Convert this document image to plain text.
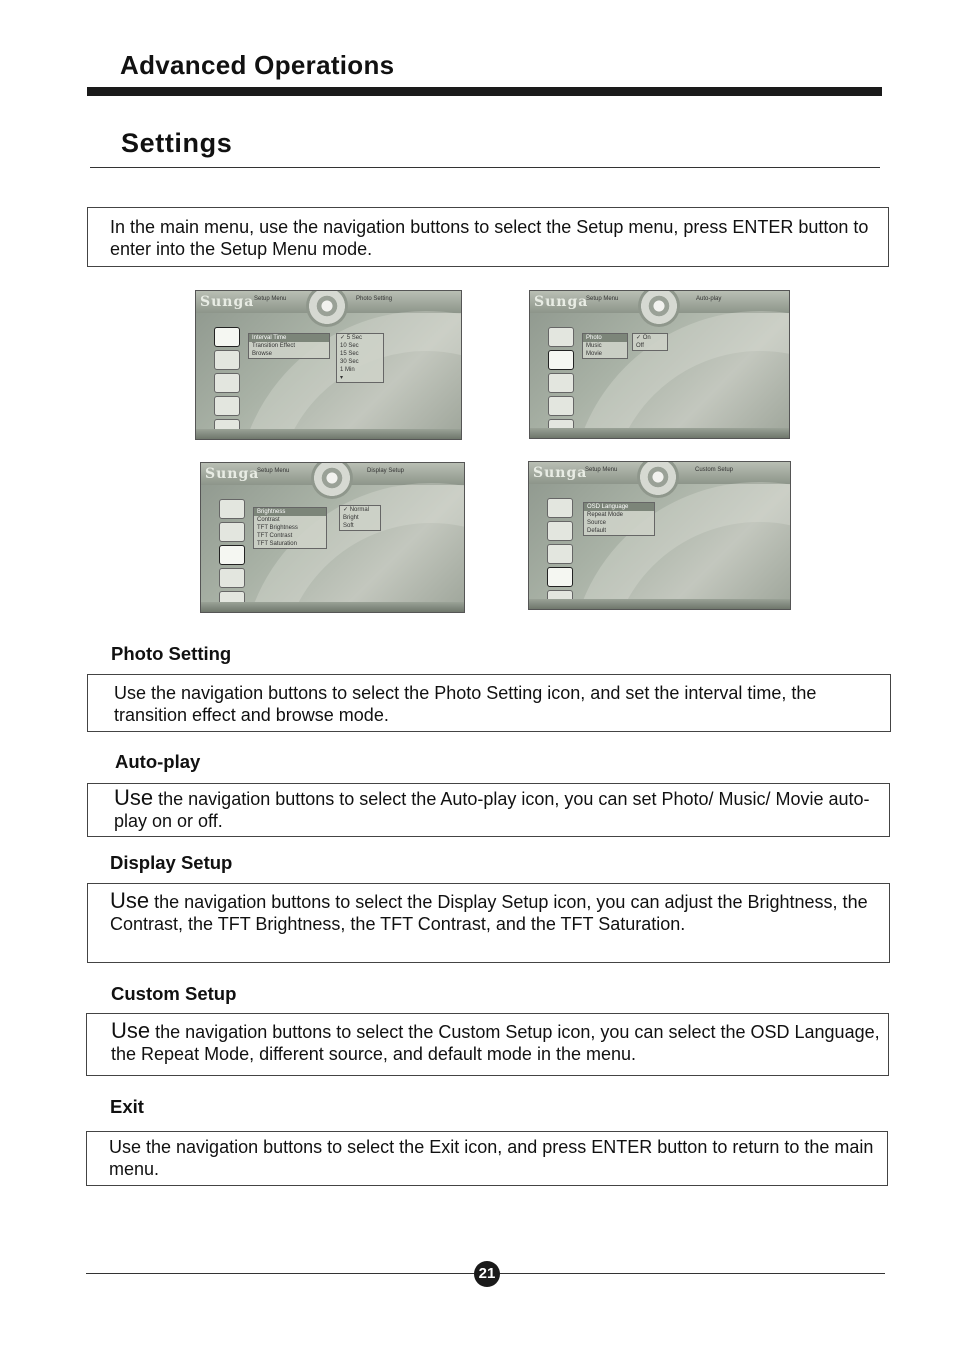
Advanced Operations
Settings
In the main menu, use the navigation buttons to select the Setup menu, press ENTER button to enter into the Setup Menu mode.
Sunga Setup Menu	Photo Setting
Interval Time
Transition Effect
Browse
✓ 5 Sec
10 Sec
15 Sec
30 Sec
1 Min
▾
Sunga
Setup Menu	Auto-play
Photo
Music
Movie
✓ On
Off
Sunga
Setup Menu	Display Setup
Brightness
Contrast
TFT Brightness
TFT Contrast
TFT Saturation
✓ Normal
Bright
Soft
Sunga
Setup Menu	Custom Setup
OSD Language
Repeat Mode
Source
Default
Photo Setting
Use the navigation buttons to select the Photo Setting icon, and set the interval time, the transition effect and browse mode.
Auto-play
Use the navigation buttons to select the Auto-play icon, you can set Photo/ Music/ Movie auto-play on or off.
Display Setup
Use the navigation buttons to select the Display Setup icon, you can adjust the Brightness, the Contrast, the TFT Brightness, the TFT Contrast, and the TFT Saturation.
Custom Setup
Use the navigation buttons to select the Custom Setup icon, you can select the OSD Language, the Repeat Mode, different source, and default mode in the menu.
Exit
Use the navigation buttons to select the Exit icon, and press ENTER button to return to the main menu.
21
